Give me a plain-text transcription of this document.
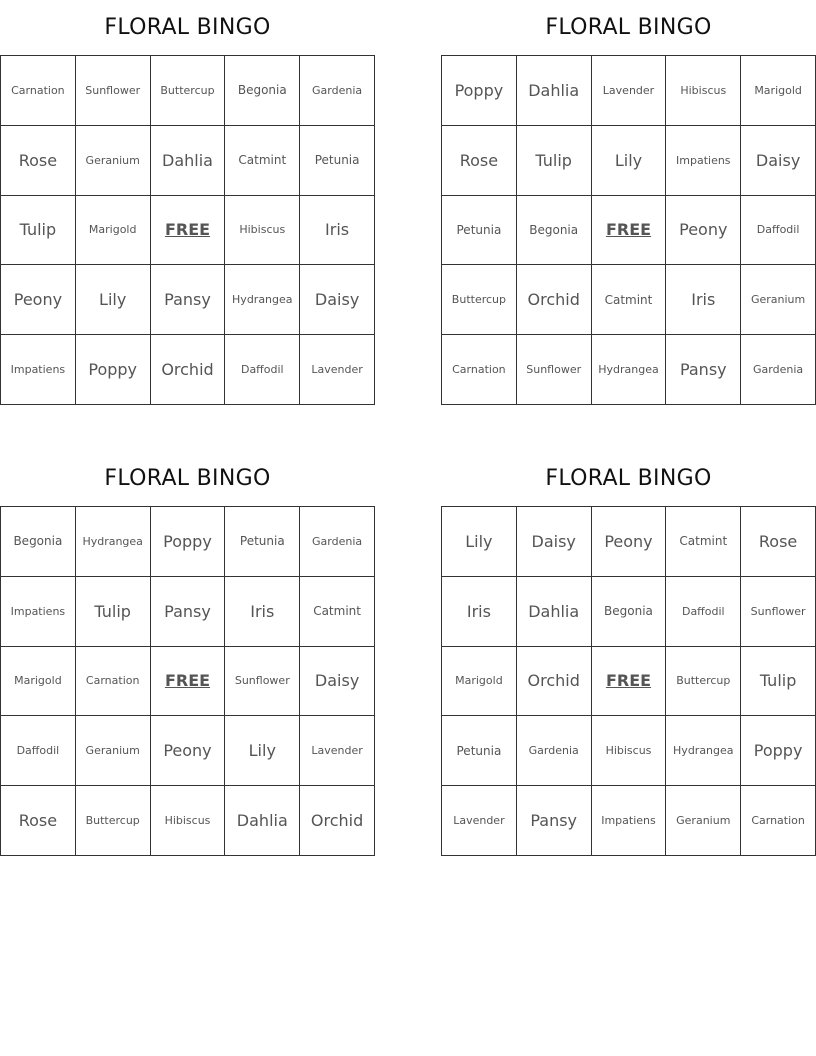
FLORAL BINGO
Carnation	Sunflower	Buttercup	Begonia	Gardenia
Rose	Geranium	Dahlia	Catmint	Petunia
Tulip	Marigold	FREE	Hibiscus	Iris
Peony	Lily	Pansy	Hydrangea	Daisy
Impatiens	Poppy	Orchid	Daffodil	Lavender
FLORAL BINGO
Poppy	Dahlia	Lavender	Hibiscus	Marigold
Rose	Tulip	Lily	Impatiens	Daisy
Petunia	Begonia	FREE	Peony	Daffodil
Buttercup	Orchid	Catmint	Iris	Geranium
Carnation	Sunflower	Hydrangea	Pansy	Gardenia
FLORAL BINGO
Begonia	Hydrangea	Poppy	Petunia	Gardenia
Impatiens	Tulip	Pansy	Iris	Catmint
Marigold	Carnation	FREE	Sunflower	Daisy
Daffodil	Geranium	Peony	Lily	Lavender
Rose	Buttercup	Hibiscus	Dahlia	Orchid
FLORAL BINGO
Lily	Daisy	Peony	Catmint	Rose
Iris	Dahlia	Begonia	Daffodil	Sunflower
Marigold	Orchid	FREE	Buttercup	Tulip
Petunia	Gardenia	Hibiscus	Hydrangea	Poppy
Lavender	Pansy	Impatiens	Geranium	Carnation
